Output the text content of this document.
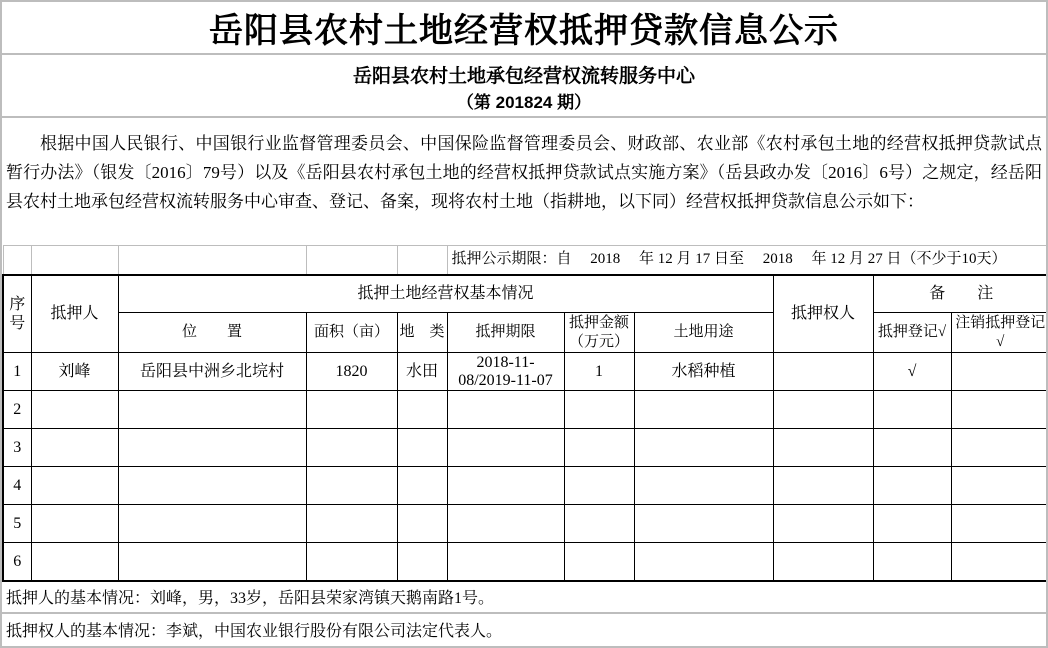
岳阳县农村土地经营权抵押贷款信息公示
岳阳县农村土地承包经营权流转服务中心
（第 201824 期）

根据中国人民银行、中国银行业监督管理委员会、中国保险监督管理委员会、财政部、农业部《农村承包土地的经营权抵押贷款试点暂行办法》（银发〔2016〕79号）以及《岳阳县农村承包土地的经营权抵押贷款试点实施方案》（岳县政办发〔2016〕6号）之规定，经岳阳县农村土地承包经营权流转服务中心审查、登记、备案，现将农村土地（指耕地，以下同）经营权抵押贷款信息公示如下：

					抵押公示期限：自　 2018 　年 12 月 17 日至　 2018 　年 12 月 27 日（不少于10天）					
序号	抵押人	抵押土地经营权基本情况						抵押权人	备　　注	
		位　　置	面积（亩）	地　类	抵押期限	抵押金额（万元）	土地用途		抵押登记√	注销抵押登记√
1	刘峰	岳阳县中洲乡北垸村	1820	水田	2018-11-
08/2019-11-07	1	水稻种植		√	
2										
3										
4										
5										
6										
抵押人的基本情况：刘峰，男，33岁，岳阳县荣家湾镇天鹅南路1号。
抵押权人的基本情况：李斌，中国农业银行股份有限公司法定代表人。
